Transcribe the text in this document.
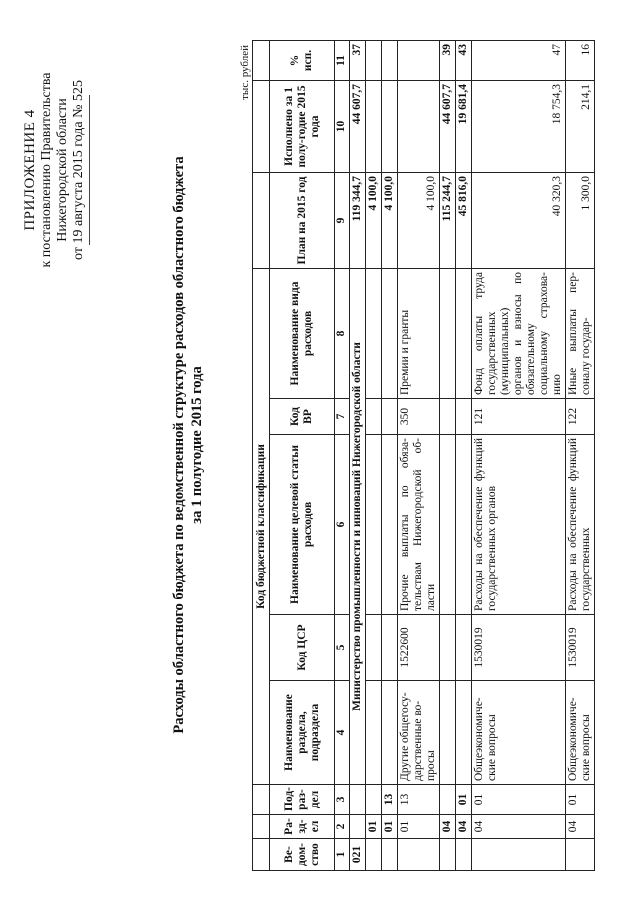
ПРИЛОЖЕНИЕ 4 к постановлению Правительства Нижегородской области от 19 августа 2015 года № 525	Расходы областного бюджета по ведомственной структуре расходов областного бюджета за 1 полугодие 2015 года
тыс. рублей
			Код бюджетной классификации							
Ве-дом-ство	Ра-зд-ел	Под-раз-дел	Наименование раздела, подраздела	Код ЦСР	Наименование целевой статьи расходов	Код ВР	Наименование вида расходов	План на 2015 год	Исполнено за 1 полу-годие 2015 года	% исп.
1	2	3	4	5	6	7	8	9	10	11
021			Министерство промышленности и инноваций Нижегородской области					119 344,7	44 607,7	37
	01							4 100,0		
	01	13						4 100,0		
	01	13	Другие общегосу-дарственные во-просы	1522600	Прочие выплаты по обяза-тельствам Нижегородской об-ласти	350	Премии и гранты	4 100,0		
	04							115 244,7	44 607,7	39
	04	01						45 816,0	19 681,4	43
	04	01	Общеэкономиче-ские вопросы	1530019	Расходы на обеспечение функций государственных органов	121	Фонд оплаты труда государственных (муниципальных) органов и взносы по обязательному социальному страхова-нию	40 320,3	18 754,3	47
	04	01	Общеэкономиче-ские вопросы	1530019	Расходы на обеспечение функций государственных	122	Иные выплаты пер-соналу государ-	1 300,0	214,1	16
